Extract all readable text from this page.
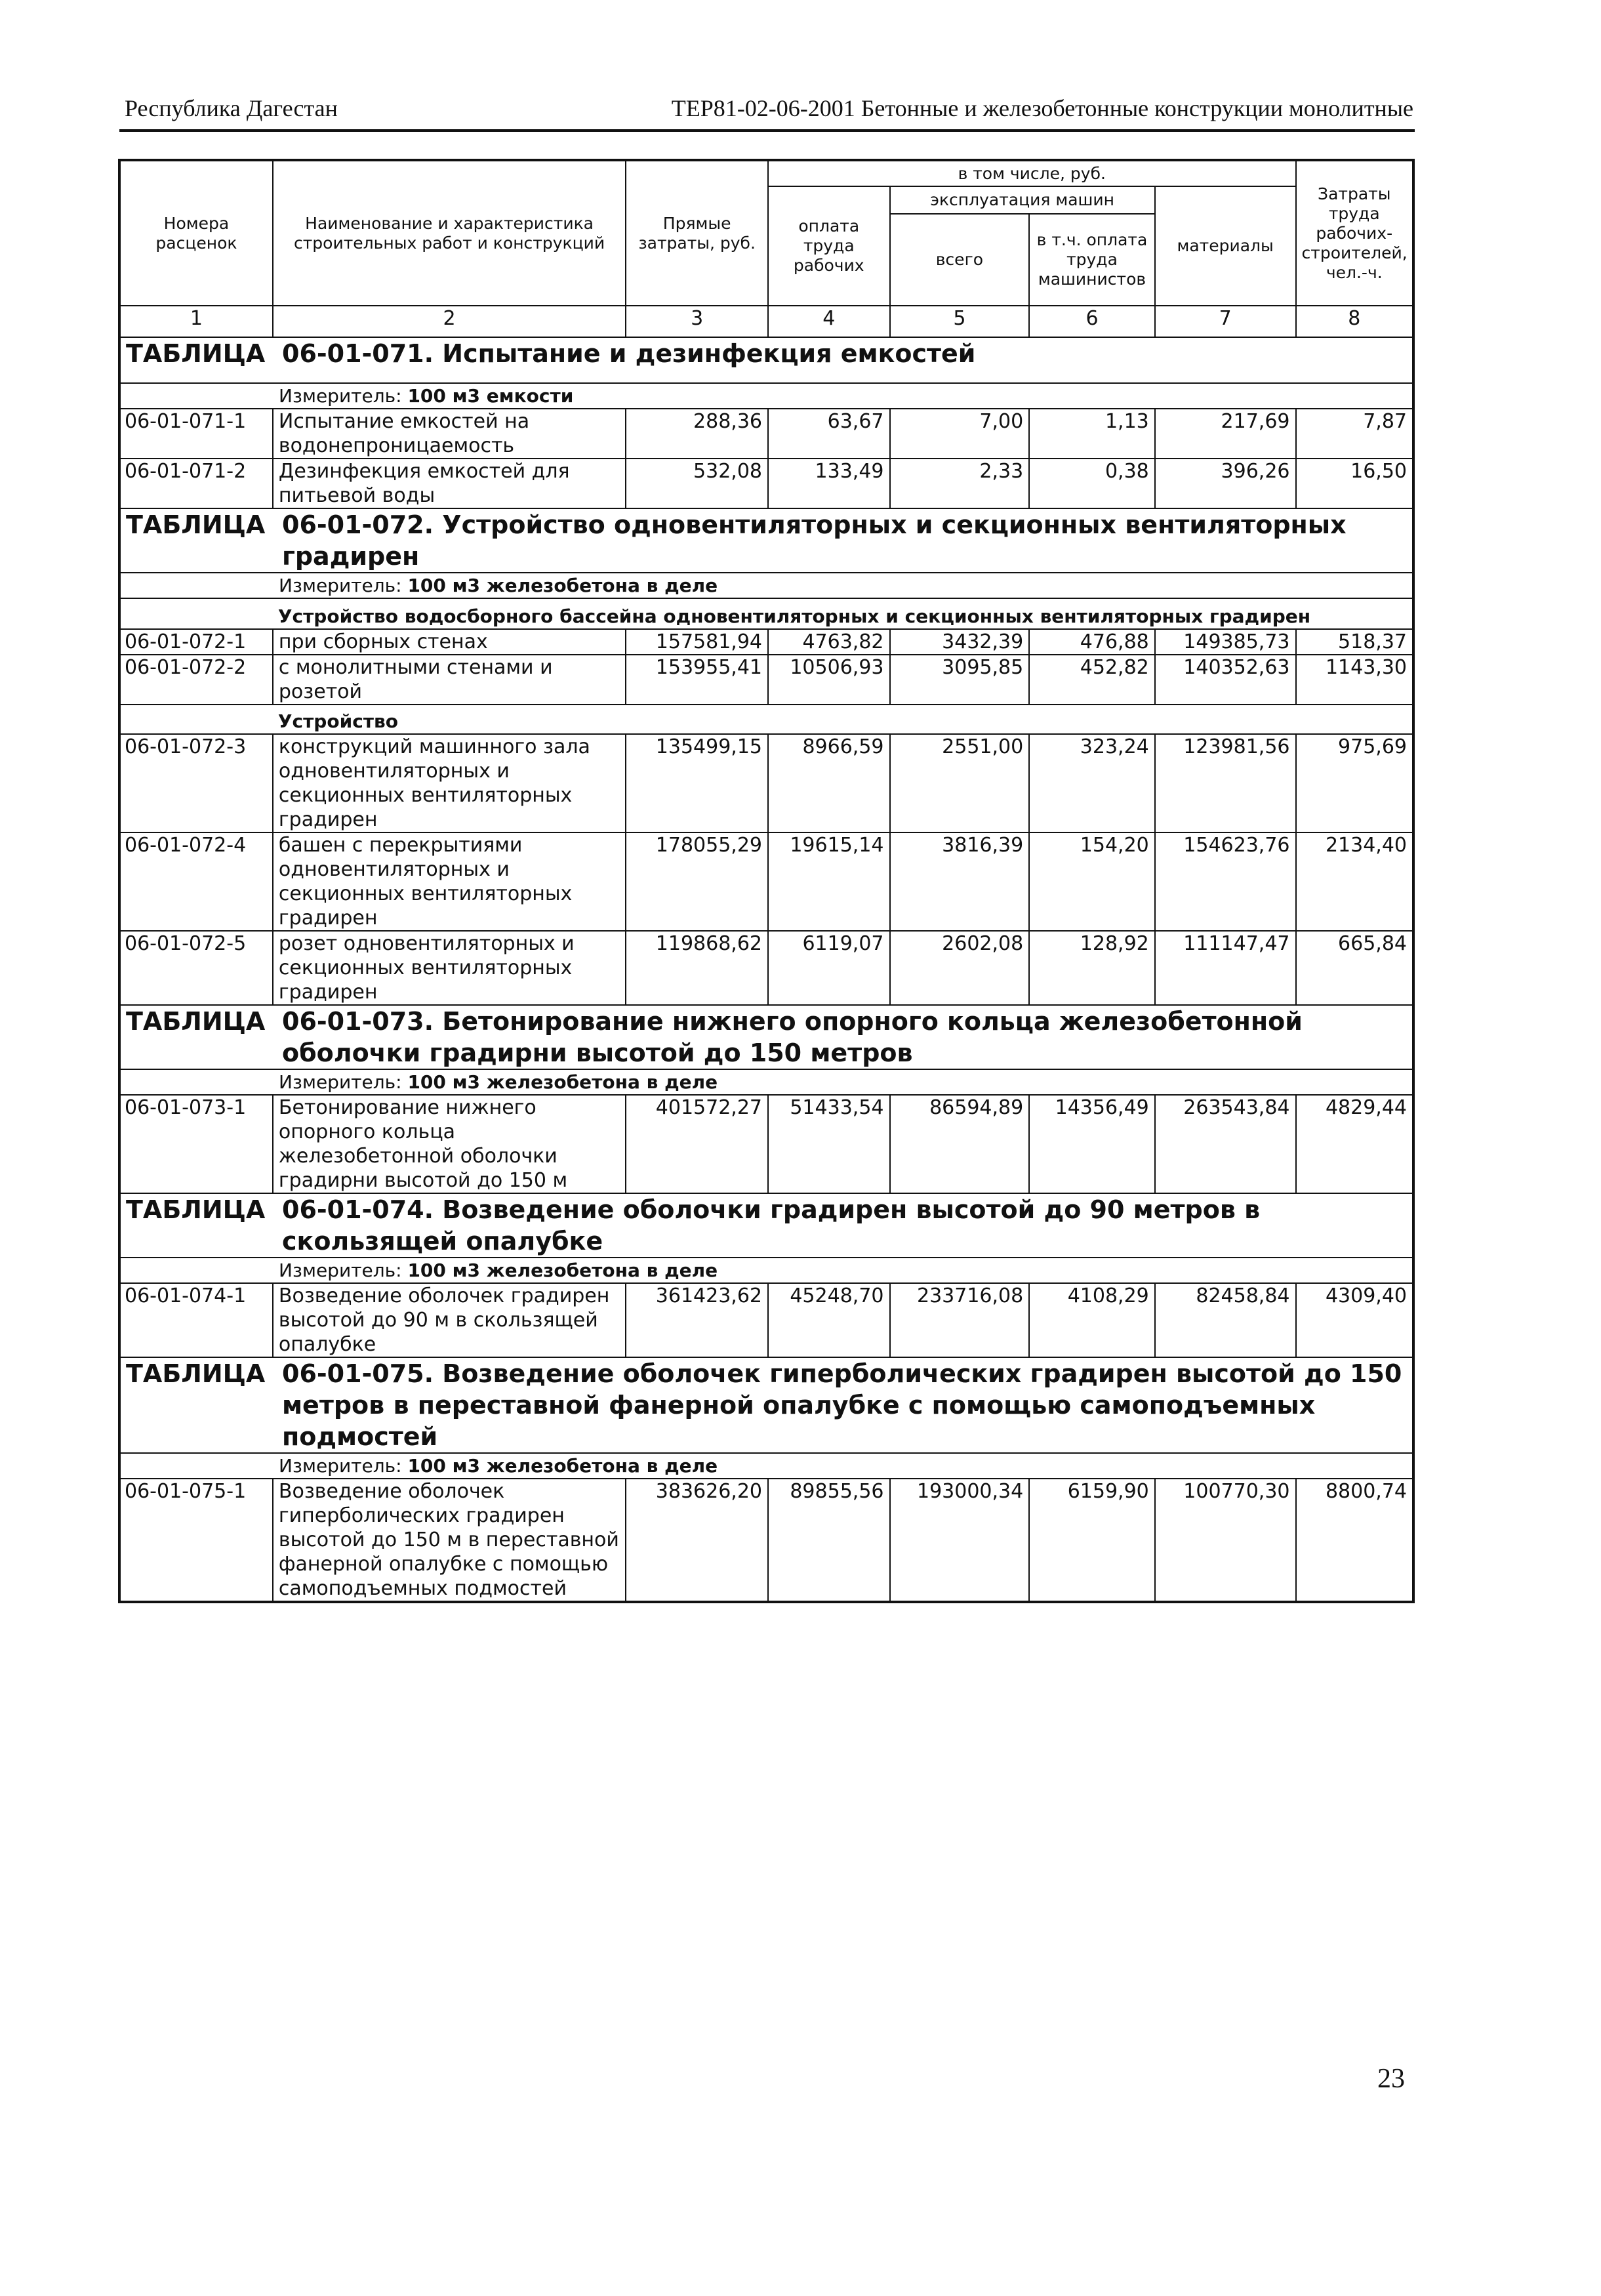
Республика Дагестан	ТЕР81-02-06-2001 Бетонные и железобетонные конструкции монолитные
Номера расценок	Наименование и характеристика строительных работ и конструкций	Прямые затраты, руб.	в том числе, руб.				Затраты труда рабочих-строителей, чел.-ч.
			оплата труда рабочих	эксплуатация машин		материалы	
				всего	в т.ч. оплата труда машинистов		
1	2	3	4	5	6	7	8

ТАБЛИЦА 06-01-071. Испытание и дезинфекция емкостей							

Измеритель: 100 м3 емкости							

06-01-071-1	Испытание емкостей на водонепроницаемость	288,36	63,67	7,00	1,13	217,69	7,87
06-01-071-2	Дезинфекция емкостей для питьевой воды	532,08	133,49	2,33	0,38	396,26	16,50

ТАБЛИЦА 06-01-072. Устройство одновентиляторных и секционных вентиляторных градирен							

Измеритель: 100 м3 железобетона в деле							

	Устройство водосборного бассейна одновентиляторных и секционных вентиляторных градирен						
06-01-072-1	при сборных стенах	157581,94	4763,82	3432,39	476,88	149385,73	518,37
06-01-072-2	с монолитными стенами и розетой	153955,41	10506,93	3095,85	452,82	140352,63	1143,30
	Устройство						
06-01-072-3	конструкций машинного зала одновентиляторных и секционных вентиляторных градирен	135499,15	8966,59	2551,00	323,24	123981,56	975,69
06-01-072-4	башен с перекрытиями одновентиляторных и секционных вентиляторных градирен	178055,29	19615,14	3816,39	154,20	154623,76	2134,40
06-01-072-5	розет одновентиляторных и секционных вентиляторных градирен	119868,62	6119,07	2602,08	128,92	111147,47	665,84

ТАБЛИЦА 06-01-073. Бетонирование нижнего опорного кольца железобетонной оболочки градирни высотой до 150 метров							

Измеритель: 100 м3 железобетона в деле							

06-01-073-1	Бетонирование нижнего опорного кольца железобетонной оболочки градирни высотой до 150 м	401572,27	51433,54	86594,89	14356,49	263543,84	4829,44

ТАБЛИЦА 06-01-074. Возведение оболочки градирен высотой до 90 метров в скользящей опалубке							

Измеритель: 100 м3 железобетона в деле							

06-01-074-1	Возведение оболочек градирен высотой до 90 м в скользящей опалубке	361423,62	45248,70	233716,08	4108,29	82458,84	4309,40

ТАБЛИЦА 06-01-075. Возведение оболочек гиперболических градирен высотой до 150 метров в переставной фанерной опалубке с помощью самоподъемных подмостей							

Измеритель: 100 м3 железобетона в деле							

06-01-075-1	Возведение оболочек гиперболических градирен высотой до 150 м в переставной фанерной опалубке с помощью самоподъемных подмостей	383626,20	89855,56	193000,34	6159,90	100770,30	8800,74
23
